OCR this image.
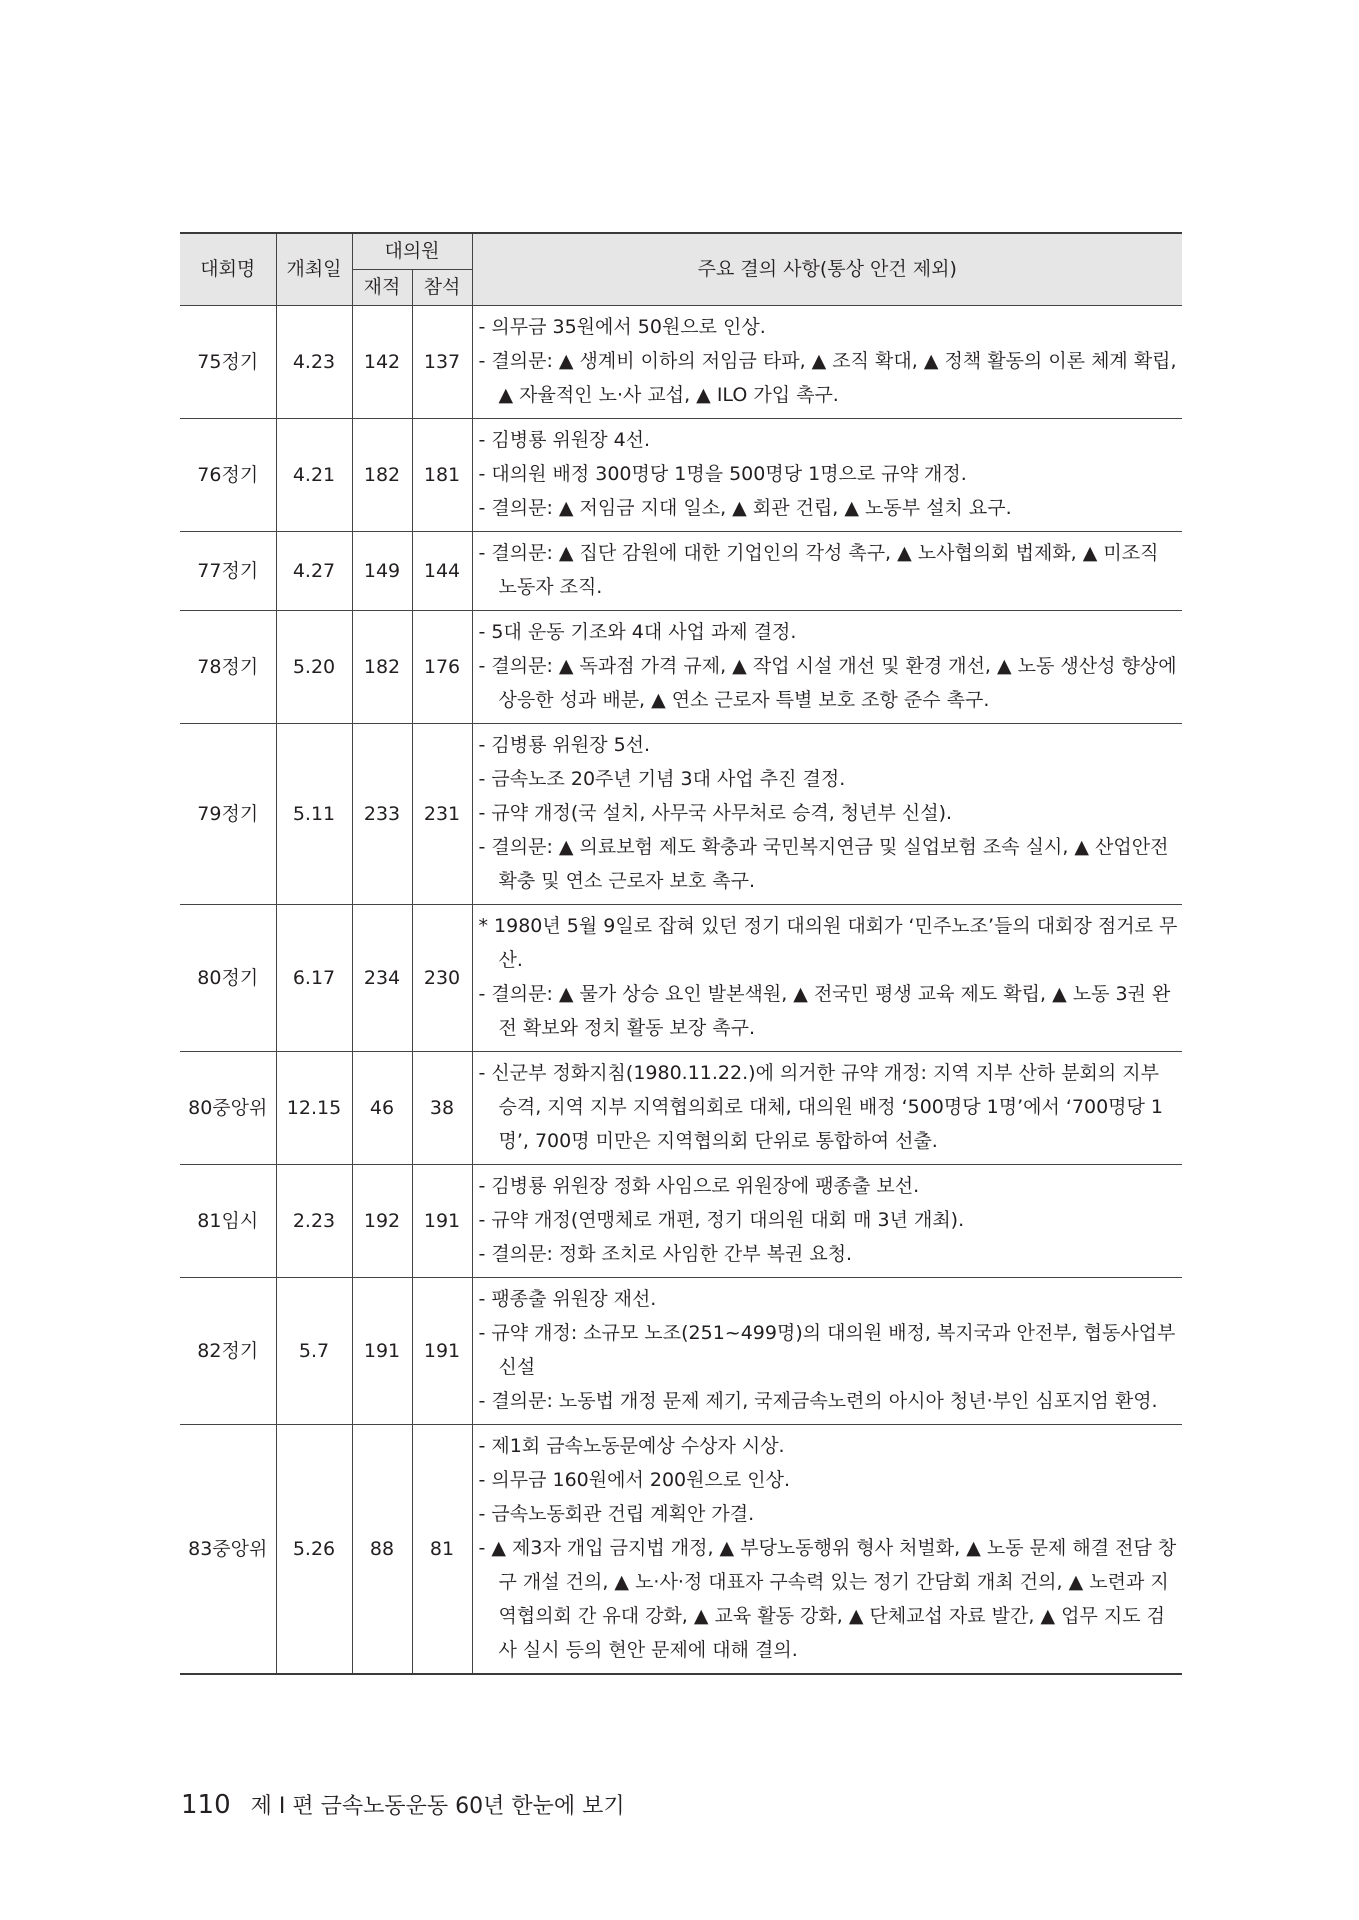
대회명	개최일	대의원		주요 결의 사항(통상 안건 제외)
		재적	참석	
75정기	4.23	142	137	- 의무금 35원에서 50원으로 인상.
- 결의문: ▲ 생계비 이하의 저임금 타파, ▲ 조직 확대, ▲ 정책 활동의 이론 체계 확립, ▲ 자율적인 노·사 교섭, ▲ ILO 가입 촉구.

76정기	4.21	182	181	- 김병룡 위원장 4선.
- 대의원 배정 300명당 1명을 500명당 1명으로 규약 개정.
- 결의문: ▲ 저임금 지대 일소, ▲ 회관 건립, ▲ 노동부 설치 요구.

77정기	4.27	149	144	- 결의문: ▲ 집단 감원에 대한 기업인의 각성 촉구, ▲ 노사협의회 법제화, ▲ 미조직 노동자 조직.

78정기	5.20	182	176	- 5대 운동 기조와 4대 사업 과제 결정.
- 결의문: ▲ 독과점 가격 규제, ▲ 작업 시설 개선 및 환경 개선, ▲ 노동 생산성 향상에 상응한 성과 배분, ▲ 연소 근로자 특별 보호 조항 준수 촉구.

79정기	5.11	233	231	- 김병룡 위원장 5선.
- 금속노조 20주년 기념 3대 사업 추진 결정.
- 규약 개정(국 설치, 사무국 사무처로 승격, 청년부 신설).
- 결의문: ▲ 의료보험 제도 확충과 국민복지연금 및 실업보험 조속 실시, ▲ 산업안전 확충 및 연소 근로자 보호 촉구.

80정기	6.17	234	230	* 1980년 5월 9일로 잡혀 있던 정기 대의원 대회가 ‘민주노조’들의 대회장 점거로 무산.
- 결의문: ▲ 물가 상승 요인 발본색원, ▲ 전국민 평생 교육 제도 확립, ▲ 노동 3권 완전 확보와 정치 활동 보장 촉구.

80중앙위	12.15	46	38	- 신군부 정화지침(1980.11.22.)에 의거한 규약 개정: 지역 지부 산하 분회의 지부 승격, 지역 지부 지역협의회로 대체, 대의원 배정 ‘500명당 1명’에서 ‘700명당 1명’, 700명 미만은 지역협의회 단위로 통합하여 선출.

81임시	2.23	192	191	- 김병룡 위원장 정화 사임으로 위원장에 팽종출 보선.
- 규약 개정(연맹체로 개편, 정기 대의원 대회 매 3년 개최).
- 결의문: 정화 조치로 사임한 간부 복권 요청.

82정기	5.7	191	191	- 팽종출 위원장 재선.
- 규약 개정: 소규모 노조(251~499명)의 대의원 배정, 복지국과 안전부, 협동사업부 신설
- 결의문: 노동법 개정 문제 제기, 국제금속노련의 아시아 청년·부인 심포지엄 환영.

83중앙위	5.26	88	81	- 제1회 금속노동문예상 수상자 시상.
- 의무금 160원에서 200원으로 인상.
- 금속노동회관 건립 계획안 가결.
- ▲ 제3자 개입 금지법 개정, ▲ 부당노동행위 형사 처벌화, ▲ 노동 문제 해결 전담 창구 개설 건의, ▲ 노·사·정 대표자 구속력 있는 정기 간담회 개최 건의, ▲ 노련과 지역협의회 간 유대 강화, ▲ 교육 활동 강화, ▲ 단체교섭 자료 발간, ▲ 업무 지도 검사 실시 등의 현안 문제에 대해 결의.
110 제 I 편 금속노동운동 60년 한눈에 보기
